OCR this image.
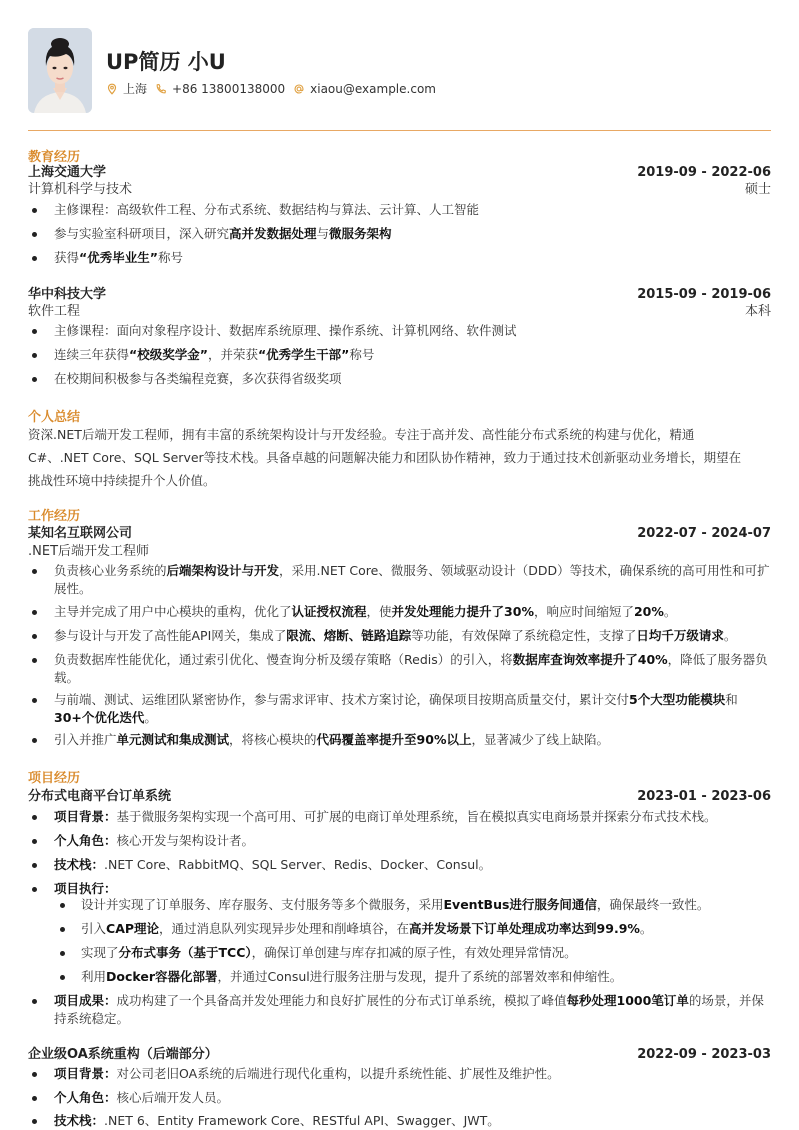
UP简历 小U
上海 +86 13800138000 xiaou@example.com
教育经历
上海交通大学	2019-09 - 2022-06
计算机科学与技术	硕士
主修课程：高级软件工程、分布式系统、数据结构与算法、云计算、人工智能
参与实验室科研项目，深入研究高并发数据处理与微服务架构
获得“优秀毕业生”称号
华中科技大学	2015-09 - 2019-06
软件工程	本科
主修课程：面向对象程序设计、数据库系统原理、操作系统、计算机网络、软件测试
连续三年获得“校级奖学金”，并荣获“优秀学生干部”称号
在校期间积极参与各类编程竞赛，多次获得省级奖项
个人总结
资深.NET后端开发工程师，拥有丰富的系统架构设计与开发经验。专注于高并发、高性能分布式系统的构建与优化，精通
C#、.NET Core、SQL Server等技术栈。具备卓越的问题解决能力和团队协作精神，致力于通过技术创新驱动业务增长，期望在
挑战性环境中持续提升个人价值。
工作经历
某知名互联网公司	2022-07 - 2024-07
.NET后端开发工程师
负责核心业务系统的后端架构设计与开发，采用.NET Core、微服务、领域驱动设计（DDD）等技术，确保系统的高可用性和可扩展性。
主导并完成了用户中心模块的重构，优化了认证授权流程，使并发处理能力提升了30%，响应时间缩短了20%。
参与设计与开发了高性能API网关，集成了限流、熔断、链路追踪等功能，有效保障了系统稳定性，支撑了日均千万级请求。
负责数据库性能优化，通过索引优化、慢查询分析及缓存策略（Redis）的引入，将数据库查询效率提升了40%，降低了服务器负载。
与前端、测试、运维团队紧密协作，参与需求评审、技术方案讨论，确保项目按期高质量交付，累计交付5个大型功能模块和30+个优化迭代。
引入并推广单元测试和集成测试，将核心模块的代码覆盖率提升至90%以上，显著减少了线上缺陷。
项目经历
分布式电商平台订单系统	2023-01 - 2023-06
项目背景：基于微服务架构实现一个高可用、可扩展的电商订单处理系统，旨在模拟真实电商场景并探索分布式技术栈。
个人角色：核心开发与架构设计者。
技术栈：.NET Core、RabbitMQ、SQL Server、Redis、Docker、Consul。
项目执行：
设计并实现了订单服务、库存服务、支付服务等多个微服务，采用EventBus进行服务间通信，确保最终一致性。
引入CAP理论，通过消息队列实现异步处理和削峰填谷，在高并发场景下订单处理成功率达到99.9%。
实现了分布式事务（基于TCC），确保订单创建与库存扣减的原子性，有效处理异常情况。
利用Docker容器化部署，并通过Consul进行服务注册与发现，提升了系统的部署效率和伸缩性。
项目成果：成功构建了一个具备高并发处理能力和良好扩展性的分布式订单系统，模拟了峰值每秒处理1000笔订单的场景，并保持系统稳定。
企业级OA系统重构（后端部分）	2022-09 - 2023-03
项目背景：对公司老旧OA系统的后端进行现代化重构，以提升系统性能、扩展性及维护性。
个人角色：核心后端开发人员。
技术栈：.NET 6、Entity Framework Core、RESTful API、Swagger、JWT。
